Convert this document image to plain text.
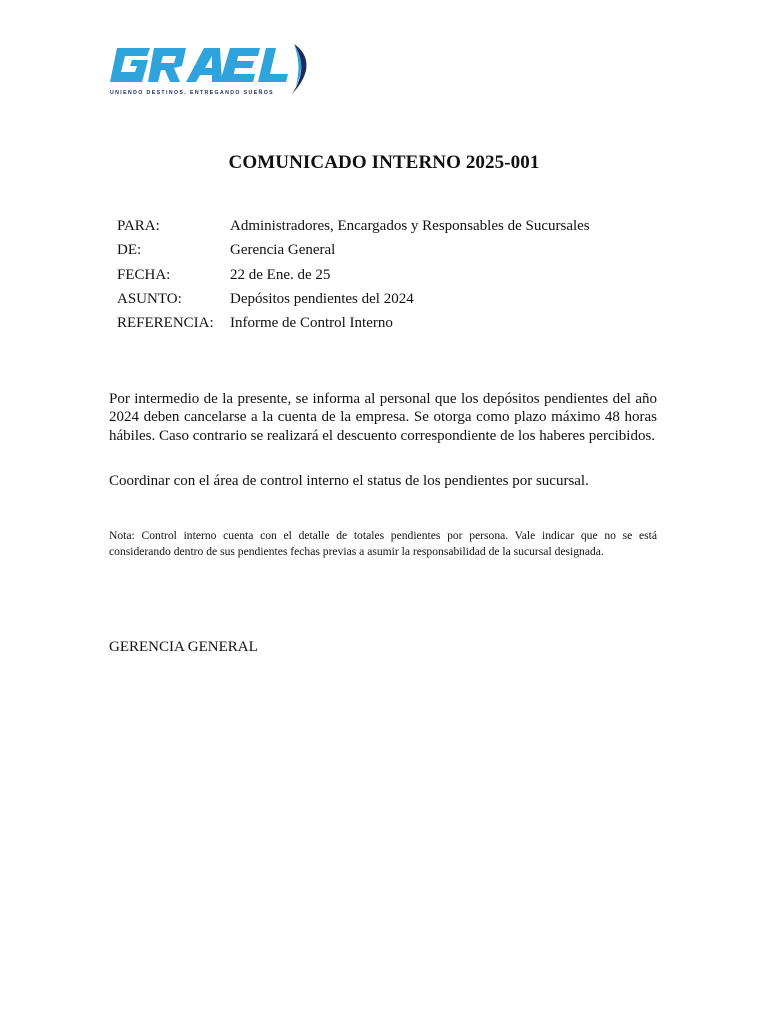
UNIENDO DESTINOS, ENTREGANDO SUEÑOS
COMUNICADO INTERNO 2025-001
PARA:	Administradores, Encargados y Responsables de Sucursales
DE:	Gerencia General
FECHA:	22 de Ene. de 25
ASUNTO:	Depósitos pendientes del 2024
REFERENCIA:	Informe de Control Interno

Por intermedio de la presente, se informa al personal que los depósitos pendientes del año 2024 deben cancelarse a la cuenta de la empresa. Se otorga como plazo máximo 48 horas hábiles. Caso contrario se realizará el descuento correspondiente de los haberes percibidos.

Coordinar con el área de control interno el status de los pendientes por sucursal.

Nota: Control interno cuenta con el detalle de totales pendientes por persona. Vale indicar que no se está considerando dentro de sus pendientes fechas previas a asumir la responsabilidad de la sucursal designada.

GERENCIA GENERAL
